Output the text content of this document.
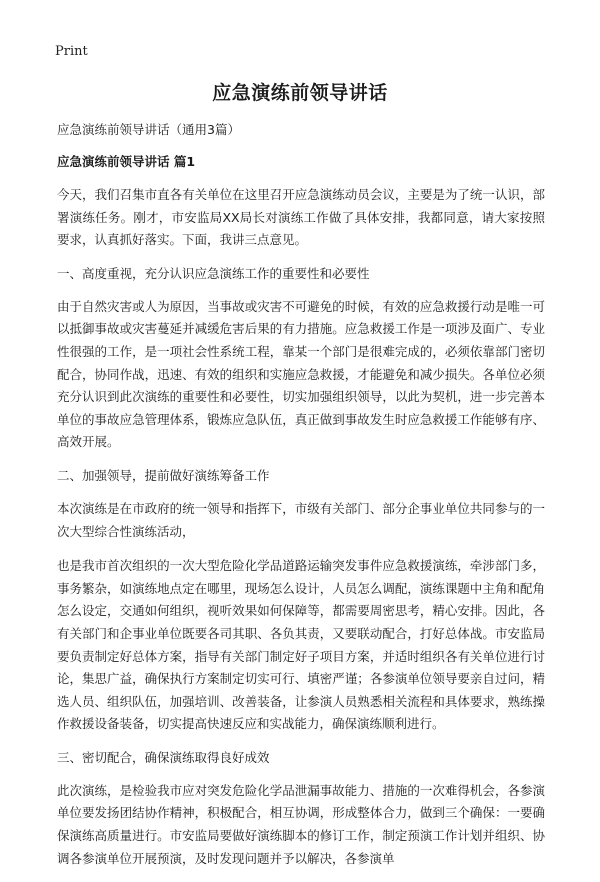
Print
应急演练前领导讲话

应急演练前领导讲话（通用3篇）

应急演练前领导讲话 篇1

今天，我们召集市直各有关单位在这里召开应急演练动员会议，主要是为了统一认识，部署演练任务。刚才，市安监局XX局长对演练工作做了具体安排，我都同意，请大家按照要求，认真抓好落实。下面，我讲三点意见。

一、高度重视，充分认识应急演练工作的重要性和必要性

由于自然灾害或人为原因，当事故或灾害不可避免的时候，有效的应急救援行动是唯一可以抵御事故或灾害蔓延并减缓危害后果的有力措施。应急救援工作是一项涉及面广、专业性很强的工作，是一项社会性系统工程，靠某一个部门是很难完成的，必须依靠部门密切配合，协同作战，迅速、有效的组织和实施应急救援，才能避免和减少损失。各单位必须充分认识到此次演练的重要性和必要性，切实加强组织领导，以此为契机，进一步完善本单位的事故应急管理体系，锻炼应急队伍，真正做到事故发生时应急救援工作能够有序、高效开展。

二、加强领导，提前做好演练筹备工作

本次演练是在市政府的统一领导和指挥下，市级有关部门、部分企事业单位共同参与的一次大型综合性演练活动，

也是我市首次组织的一次大型危险化学品道路运输突发事件应急救援演练，牵涉部门多，事务繁杂，如演练地点定在哪里，现场怎么设计，人员怎么调配，演练课题中主角和配角怎么设定，交通如何组织，视听效果如何保障等，都需要周密思考，精心安排。因此，各有关部门和企事业单位既要各司其职、各负其责，又要联动配合，打好总体战。市安监局要负责制定好总体方案，指导有关部门制定好子项目方案，并适时组织各有关单位进行讨论，集思广益，确保执行方案制定切实可行、填密严谨；各参演单位领导要亲自过问，精选人员、组织队伍，加强培训、改善装备，让参演人员熟悉相关流程和具体要求，熟练操作救援设备装备，切实提高快速反应和实战能力，确保演练顺利进行。

三、密切配合，确保演练取得良好成效

此次演练，是检验我市应对突发危险化学品泄漏事故能力、措施的一次难得机会，各参演单位要发扬团结协作精神，积极配合，相互协调，形成整体合力，做到三个确保：一要确保演练高质量进行。市安监局要做好演练脚本的修订工作，制定预演工作计划并组织、协调各参演单位开展预演，及时发现问题并予以解决，各参演单
